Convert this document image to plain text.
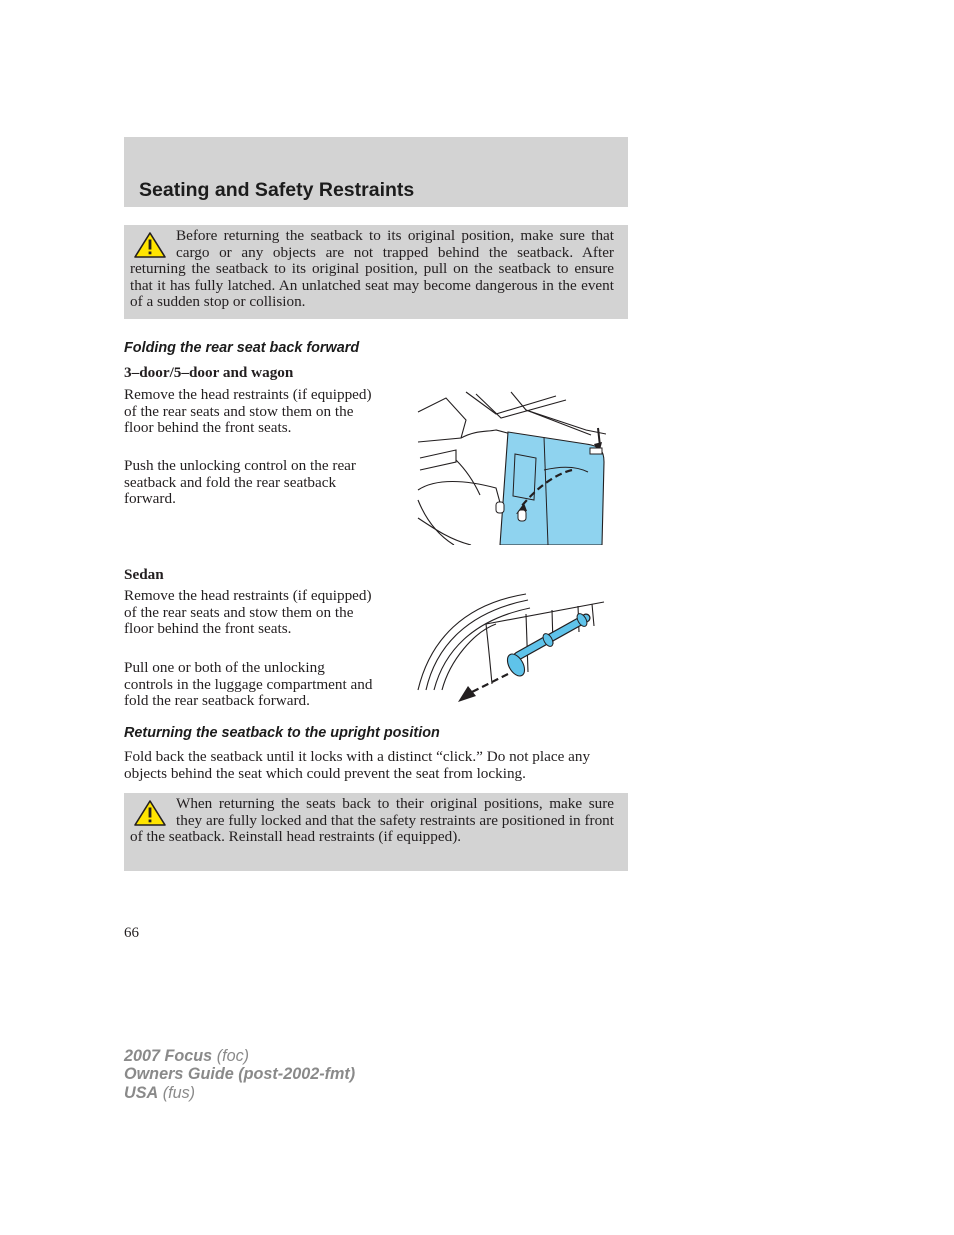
Seating and Safety Restraints
Before returning the seatback to its original position, make sure that cargo or any objects are not trapped behind the seatback. After returning the seatback to its original position, pull on the seatback to ensure that it has fully latched. An unlatched seat may become dangerous in the event of a sudden stop or collision.
Folding the rear seat back forward
3–door/5–door and wagon

Remove the head restraints (if equipped) of the rear seats and stow them on the floor behind the front seats.

Push the unlocking control on the rear seatback and fold the rear seatback forward.

Sedan

Remove the head restraints (if equipped) of the rear seats and stow them on the floor behind the front seats.

Pull one or both of the unlocking controls in the luggage compartment and fold the rear seatback forward.

Returning the seatback to the upright position

Fold back the seatback until it locks with a distinct “click.” Do not place any objects behind the seat which could prevent the seat from locking.

When returning the seats back to their original positions, make sure they are fully locked and that the safety restraints are positioned in front of the seatback. Reinstall head restraints (if equipped).

66

2007 Focus (foc)
Owners Guide (post-2002-fmt)
USA (fus)
